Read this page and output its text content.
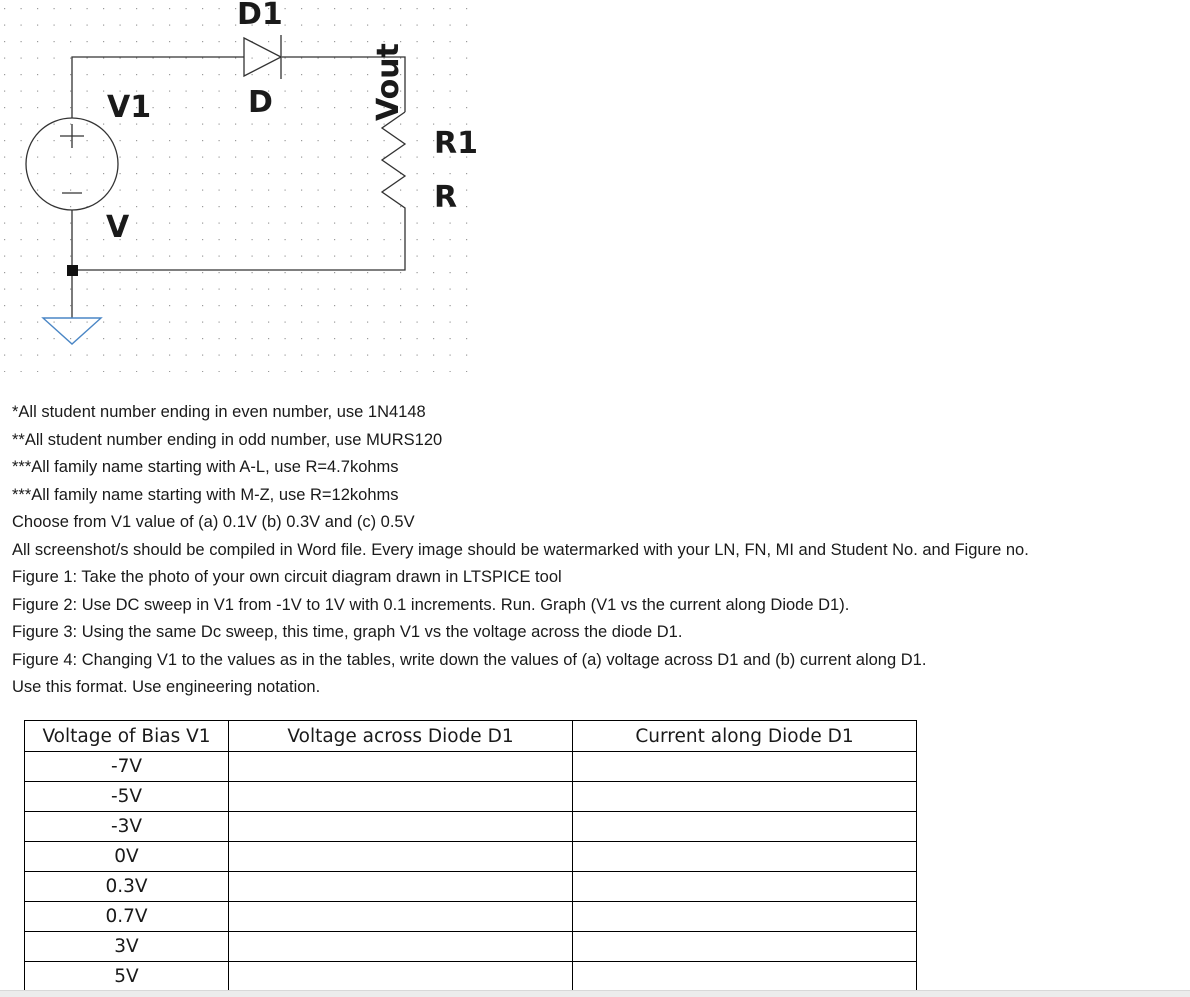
D1
D
V1
V
R1
R
Vout
*All student number ending in even number, use 1N4148
**All student number ending in odd number, use MURS120
***All family name starting with A-L, use R=4.7kohms
***All family name starting with M-Z, use R=12kohms
Choose from V1 value of (a) 0.1V (b) 0.3V and (c) 0.5V
All screenshot/s should be compiled in Word file. Every image should be watermarked with your LN, FN, MI and Student No. and Figure no.
Figure 1: Take the photo of your own circuit diagram drawn in LTSPICE tool
Figure 2: Use DC sweep in V1 from -1V to 1V with 0.1 increments. Run. Graph (V1 vs the current along Diode D1).
Figure 3: Using the same Dc sweep, this time, graph V1 vs the voltage across the diode D1.
Figure 4: Changing V1 to the values as in the tables, write down the values of (a) voltage across D1 and (b) current along D1.
Use this format. Use engineering notation.
Voltage of Bias V1	Voltage across Diode D1	Current along Diode D1
-7V		
-5V		
-3V		
0V		
0.3V		
0.7V		
3V		
5V		
